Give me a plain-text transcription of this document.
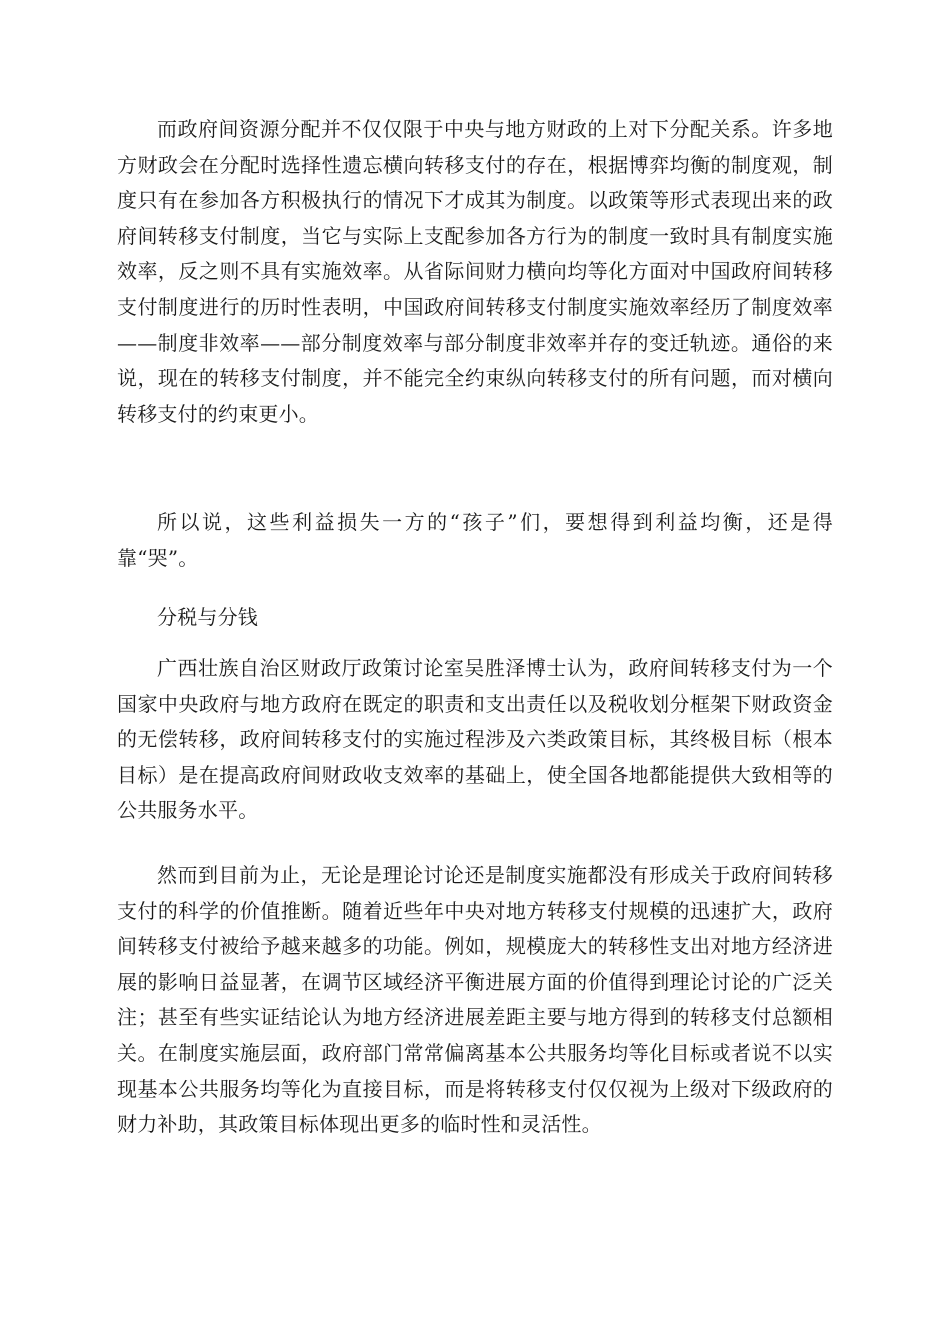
而政府间资源分配并不仅仅限于中央与地方财政的上对下分配关系。许多地方财政会在分配时选择性遗忘横向转移支付的存在，根据博弈均衡的制度观，制度只有在参加各方积极执行的情况下才成其为制度。以政策等形式表现出来的政府间转移支付制度，当它与实际上支配参加各方行为的制度一致时具有制度实施效率，反之则不具有实施效率。从省际间财力横向均等化方面对中国政府间转移支付制度进行的历时性表明，中国政府间转移支付制度实施效率经历了制度效率——制度非效率——部分制度效率与部分制度非效率并存的变迁轨迹。通俗的来说，现在的转移支付制度，并不能完全约束纵向转移支付的所有问题，而对横向转移支付的约束更小。

所以说，这些利益损失一方的“孩子”们，要想得到利益均衡，还是得靠“哭”。

分税与分钱

广西壮族自治区财政厅政策讨论室吴胜泽博士认为，政府间转移支付为一个国家中央政府与地方政府在既定的职责和支出责任以及税收划分框架下财政资金的无偿转移，政府间转移支付的实施过程涉及六类政策目标，其终极目标（根本目标）是在提高政府间财政收支效率的基础上，使全国各地都能提供大致相等的公共服务水平。

然而到目前为止，无论是理论讨论还是制度实施都没有形成关于政府间转移支付的科学的价值推断。随着近些年中央对地方转移支付规模的迅速扩大，政府间转移支付被给予越来越多的功能。例如，规模庞大的转移性支出对地方经济进展的影响日益显著，在调节区域经济平衡进展方面的价值得到理论讨论的广泛关注；甚至有些实证结论认为地方经济进展差距主要与地方得到的转移支付总额相关。在制度实施层面，政府部门常常偏离基本公共服务均等化目标或者说不以实现基本公共服务均等化为直接目标，而是将转移支付仅仅视为上级对下级政府的财力补助，其政策目标体现出更多的临时性和灵活性。
